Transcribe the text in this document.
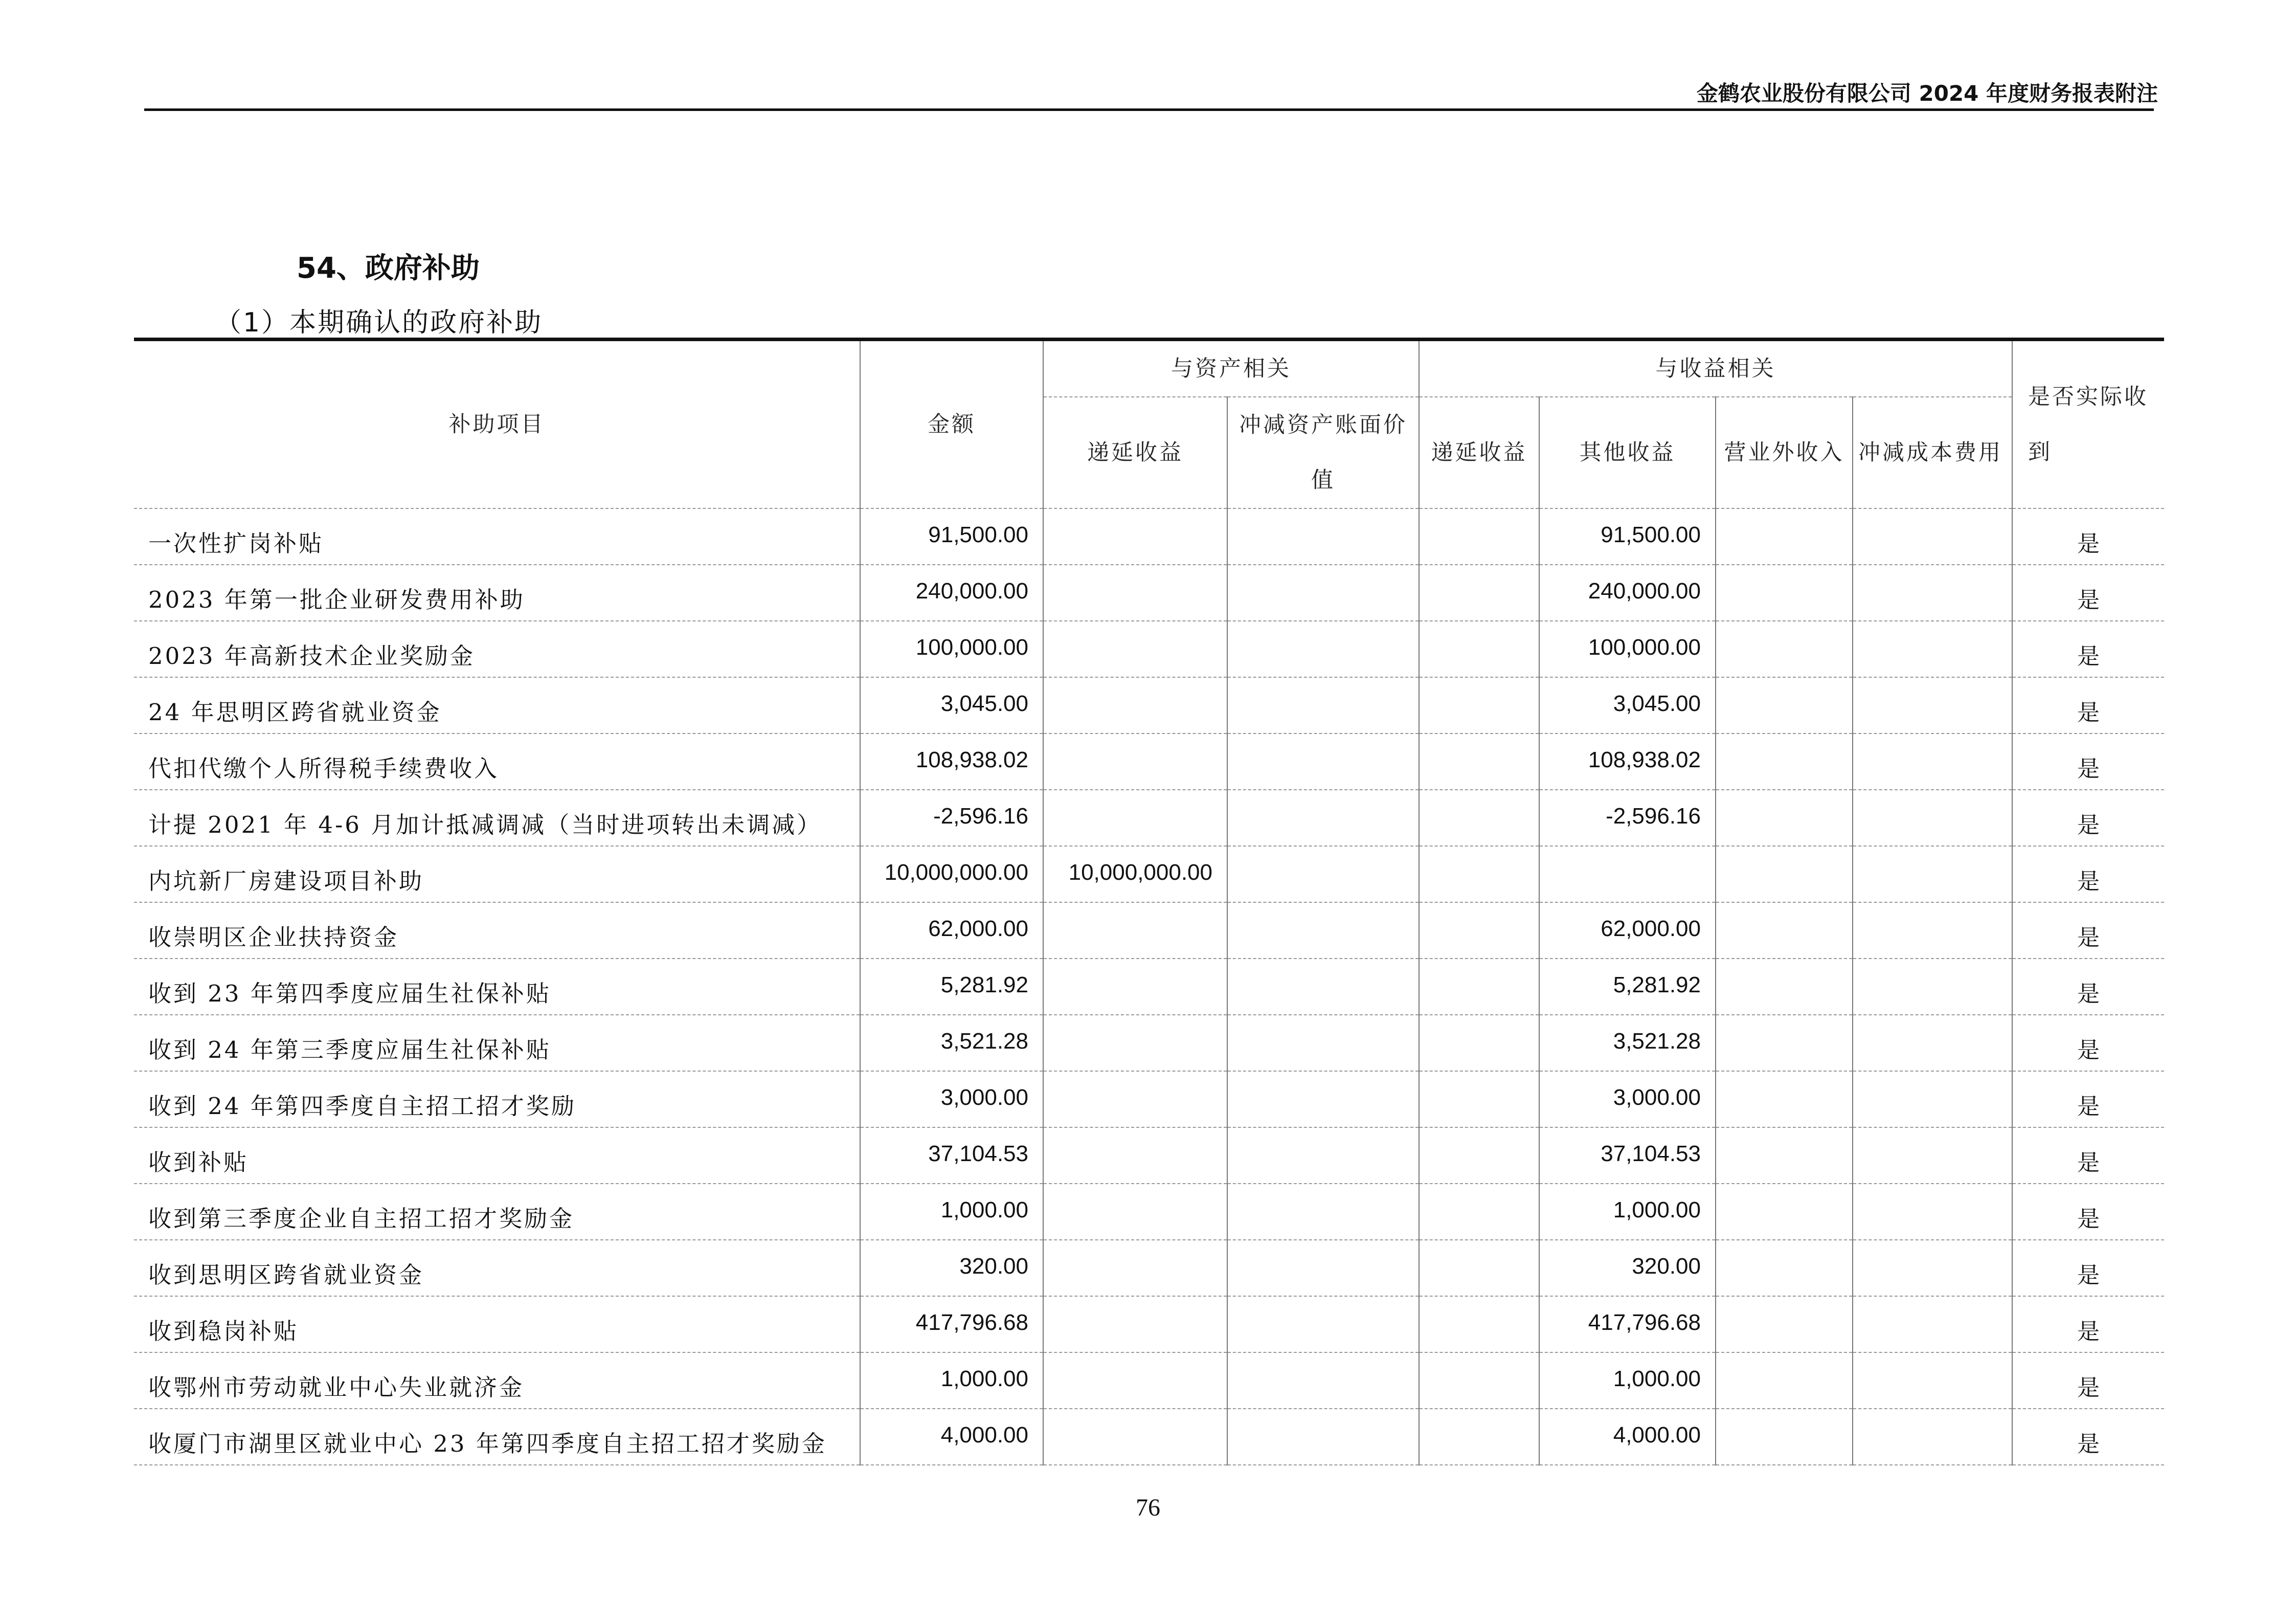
金鹤农业股份有限公司 2024 年度财务报表附注
54、政府补助
（1）本期确认的政府补助
补助项目	金额	与资产相关		与收益相关				是否实际收到
		递延收益	冲减资产账面价值	递延收益	其他收益	营业外收入	冲减成本费用	
一次性扩岗补贴	91,500.00				91,500.00			是
2023 年第一批企业研发费用补助	240,000.00				240,000.00			是
2023 年高新技术企业奖励金	100,000.00				100,000.00			是
24 年思明区跨省就业资金	3,045.00				3,045.00			是
代扣代缴个人所得税手续费收入	108,938.02				108,938.02			是
计提 2021 年 4-6 月加计抵减调减（当时进项转出未调减）	-2,596.16				-2,596.16			是
内坑新厂房建设项目补助	10,000,000.00	10,000,000.00						是
收崇明区企业扶持资金	62,000.00				62,000.00			是
收到 23 年第四季度应届生社保补贴	5,281.92				5,281.92			是
收到 24 年第三季度应届生社保补贴	3,521.28				3,521.28			是
收到 24 年第四季度自主招工招才奖励	3,000.00				3,000.00			是
收到补贴	37,104.53				37,104.53			是
收到第三季度企业自主招工招才奖励金	1,000.00				1,000.00			是
收到思明区跨省就业资金	320.00				320.00			是
收到稳岗补贴	417,796.68				417,796.68			是
收鄂州市劳动就业中心失业就济金	1,000.00				1,000.00			是
收厦门市湖里区就业中心 23 年第四季度自主招工招才奖励金	4,000.00				4,000.00			是
76
